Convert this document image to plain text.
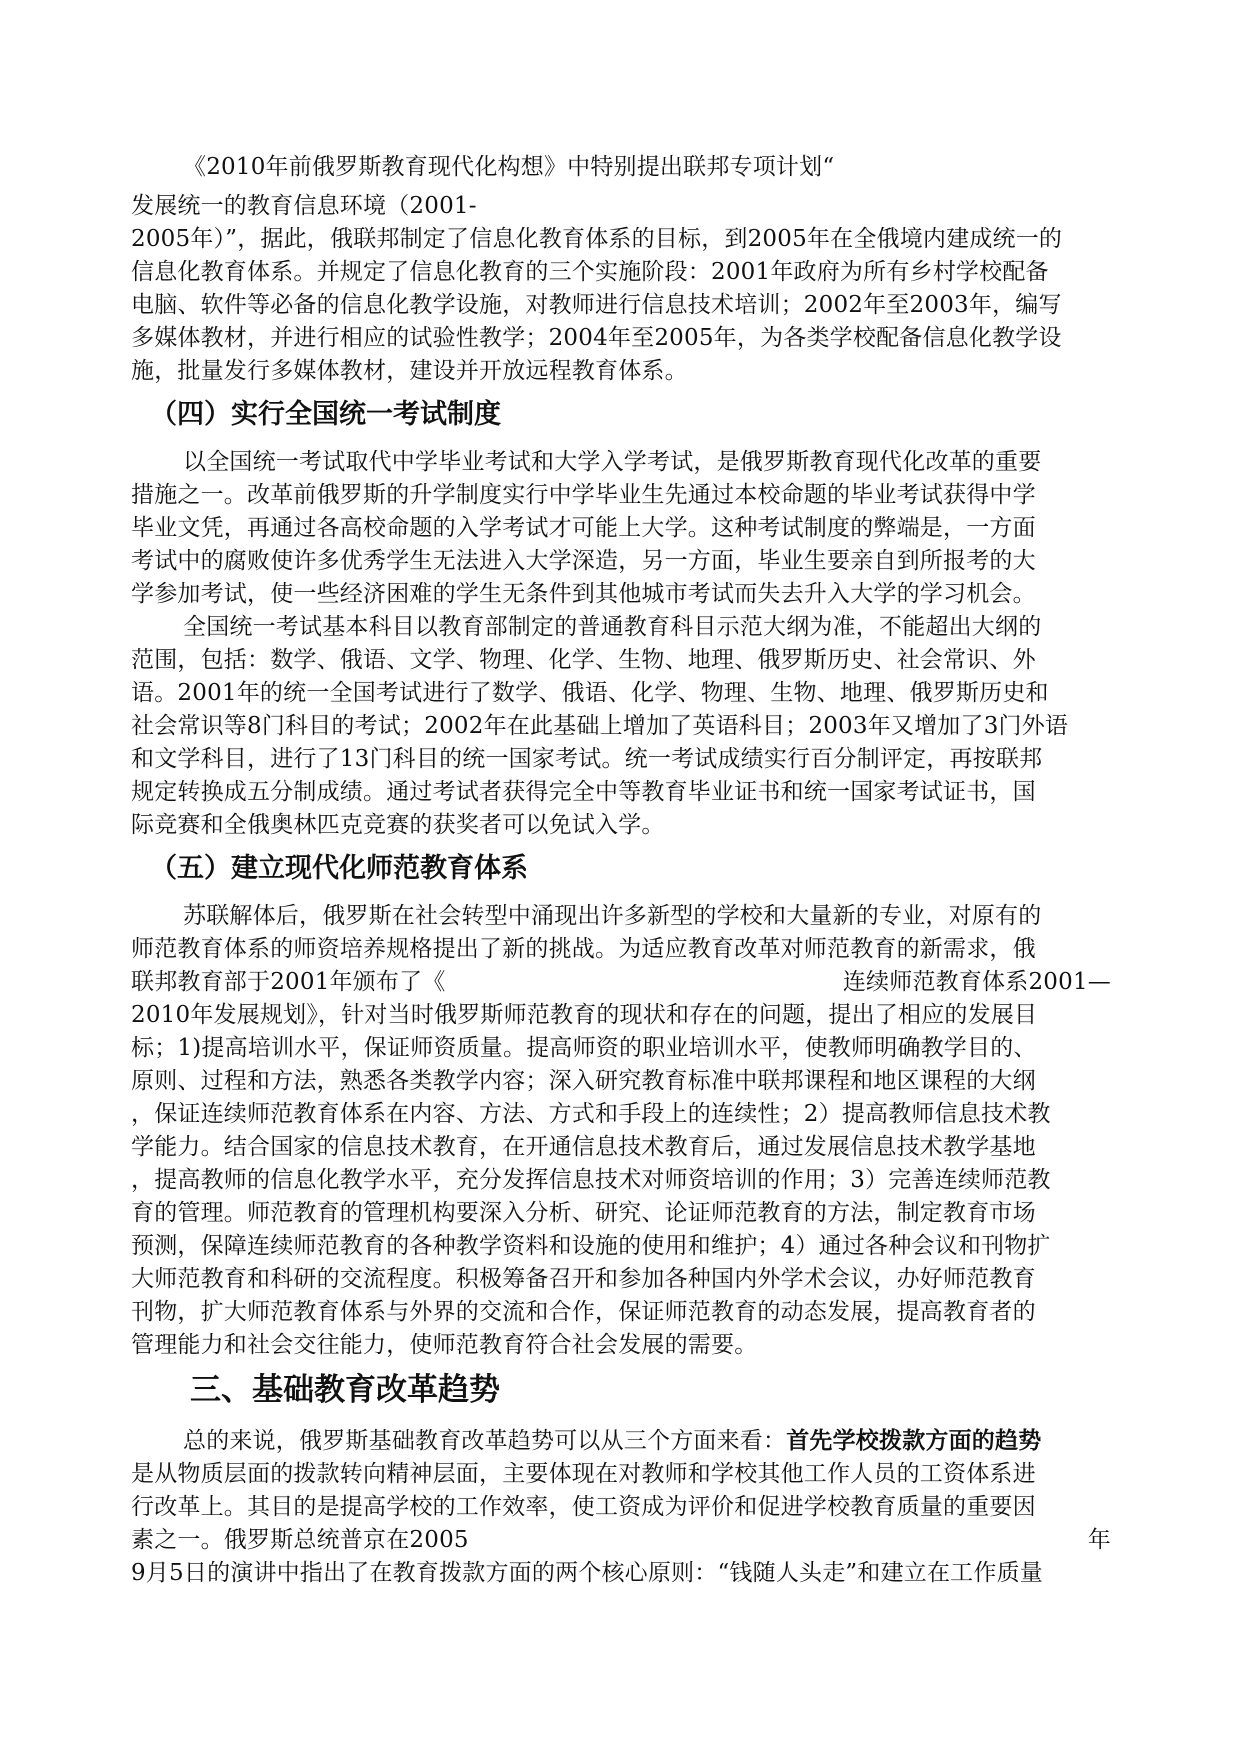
《2010年前俄罗斯教育现代化构想》中特别提出联邦专项计划“
发展统一的教育信息环境（2001-
2005年）”，据此，俄联邦制定了信息化教育体系的目标，到2005年在全俄境内建成统一的
信息化教育体系。并规定了信息化教育的三个实施阶段：2001年政府为所有乡村学校配备
电脑、软件等必备的信息化教学设施，对教师进行信息技术培训；2002年至2003年，编写
多媒体教材，并进行相应的试验性教学；2004年至2005年，为各类学校配备信息化教学设
施，批量发行多媒体教材，建设并开放远程教育体系。
（四）实行全国统一考试制度
以全国统一考试取代中学毕业考试和大学入学考试，是俄罗斯教育现代化改革的重要
措施之一。改革前俄罗斯的升学制度实行中学毕业生先通过本校命题的毕业考试获得中学
毕业文凭，再通过各高校命题的入学考试才可能上大学。这种考试制度的弊端是，一方面
考试中的腐败使许多优秀学生无法进入大学深造，另一方面，毕业生要亲自到所报考的大
学参加考试，使一些经济困难的学生无条件到其他城市考试而失去升入大学的学习机会。
全国统一考试基本科目以教育部制定的普通教育科目示范大纲为准，不能超出大纲的
范围，包括：数学、俄语、文学、物理、化学、生物、地理、俄罗斯历史、社会常识、外
语。2001年的统一全国考试进行了数学、俄语、化学、物理、生物、地理、俄罗斯历史和
社会常识等8门科目的考试；2002年在此基础上增加了英语科目；2003年又增加了3门外语
和文学科目，进行了13门科目的统一国家考试。统一考试成绩实行百分制评定，再按联邦
规定转换成五分制成绩。通过考试者获得完全中等教育毕业证书和统一国家考试证书，国
际竞赛和全俄奥林匹克竞赛的获奖者可以免试入学。
（五）建立现代化师范教育体系
苏联解体后，俄罗斯在社会转型中涌现出许多新型的学校和大量新的专业，对原有的
师范教育体系的师资培养规格提出了新的挑战。为适应教育改革对师范教育的新需求，俄
联邦教育部于2001年颁布了《	连续师范教育体系2001—
2010年发展规划》，针对当时俄罗斯师范教育的现状和存在的问题，提出了相应的发展目
标；1)提高培训水平，保证师资质量。提高师资的职业培训水平，使教师明确教学目的、
原则、过程和方法，熟悉各类教学内容；深入研究教育标准中联邦课程和地区课程的大纲
，保证连续师范教育体系在内容、方法、方式和手段上的连续性；2）提高教师信息技术教
学能力。结合国家的信息技术教育，在开通信息技术教育后，通过发展信息技术教学基地
，提高教师的信息化教学水平，充分发挥信息技术对师资培训的作用；3）完善连续师范教
育的管理。师范教育的管理机构要深入分析、研究、论证师范教育的方法，制定教育市场
预测，保障连续师范教育的各种教学资料和设施的使用和维护；4）通过各种会议和刊物扩
大师范教育和科研的交流程度。积极筹备召开和参加各种国内外学术会议，办好师范教育
刊物，扩大师范教育体系与外界的交流和合作，保证师范教育的动态发展，提高教育者的
管理能力和社会交往能力，使师范教育符合社会发展的需要。
三、基础教育改革趋势
总的来说，俄罗斯基础教育改革趋势可以从三个方面来看：首先学校拨款方面的趋势
是从物质层面的拨款转向精神层面，主要体现在对教师和学校其他工作人员的工资体系进
行改革上。其目的是提高学校的工作效率，使工资成为评价和促进学校教育质量的重要因
素之一。俄罗斯总统普京在2005	年
9月5日的演讲中指出了在教育拨款方面的两个核心原则：“钱随人头走”和建立在工作质量
